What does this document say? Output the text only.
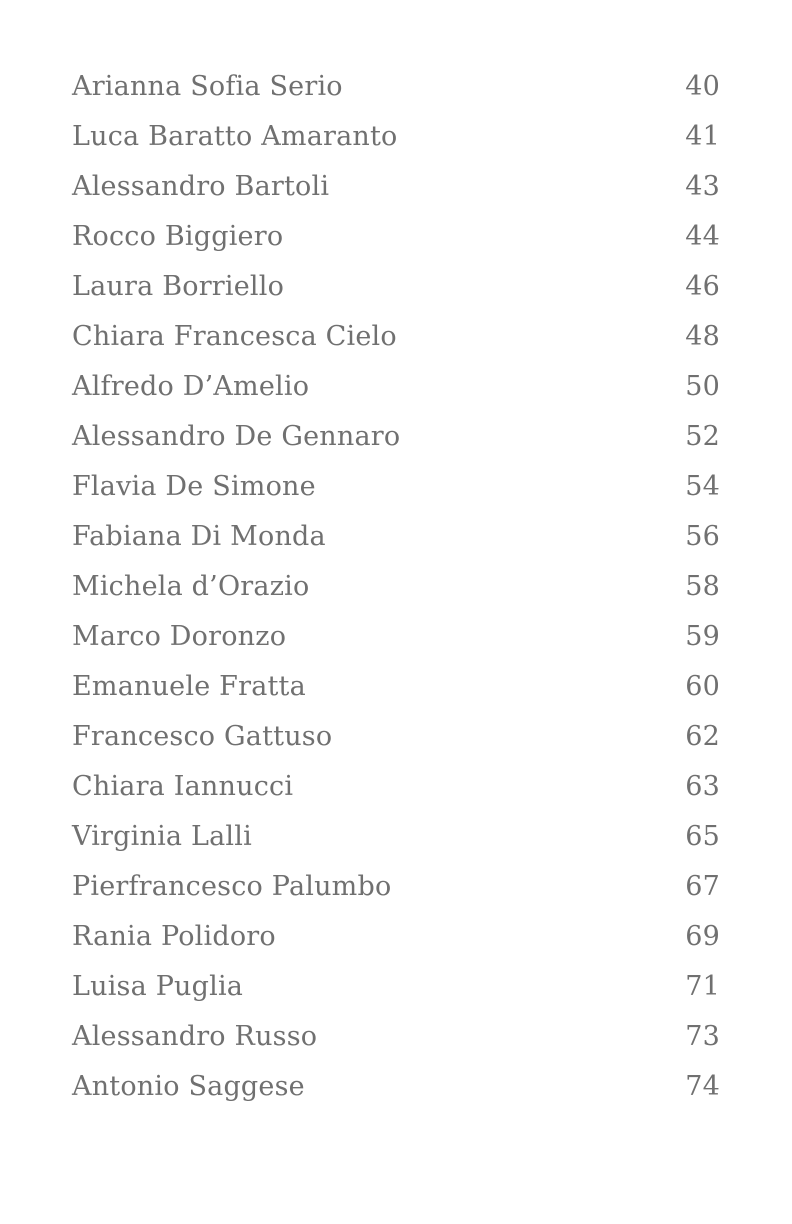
Arianna Sofia Serio	40
Luca Baratto Amaranto	41
Alessandro Bartoli	43
Rocco Biggiero	44
Laura Borriello	46
Chiara Francesca Cielo	48
Alfredo D’Amelio	50
Alessandro De Gennaro	52
Flavia De Simone	54
Fabiana Di Monda	56
Michela d’Orazio	58
Marco Doronzo	59
Emanuele Fratta	60
Francesco Gattuso	62
Chiara Iannucci	63
Virginia Lalli	65
Pierfrancesco Palumbo	67
Rania Polidoro	69
Luisa Puglia	71
Alessandro Russo	73
Antonio Saggese	74
